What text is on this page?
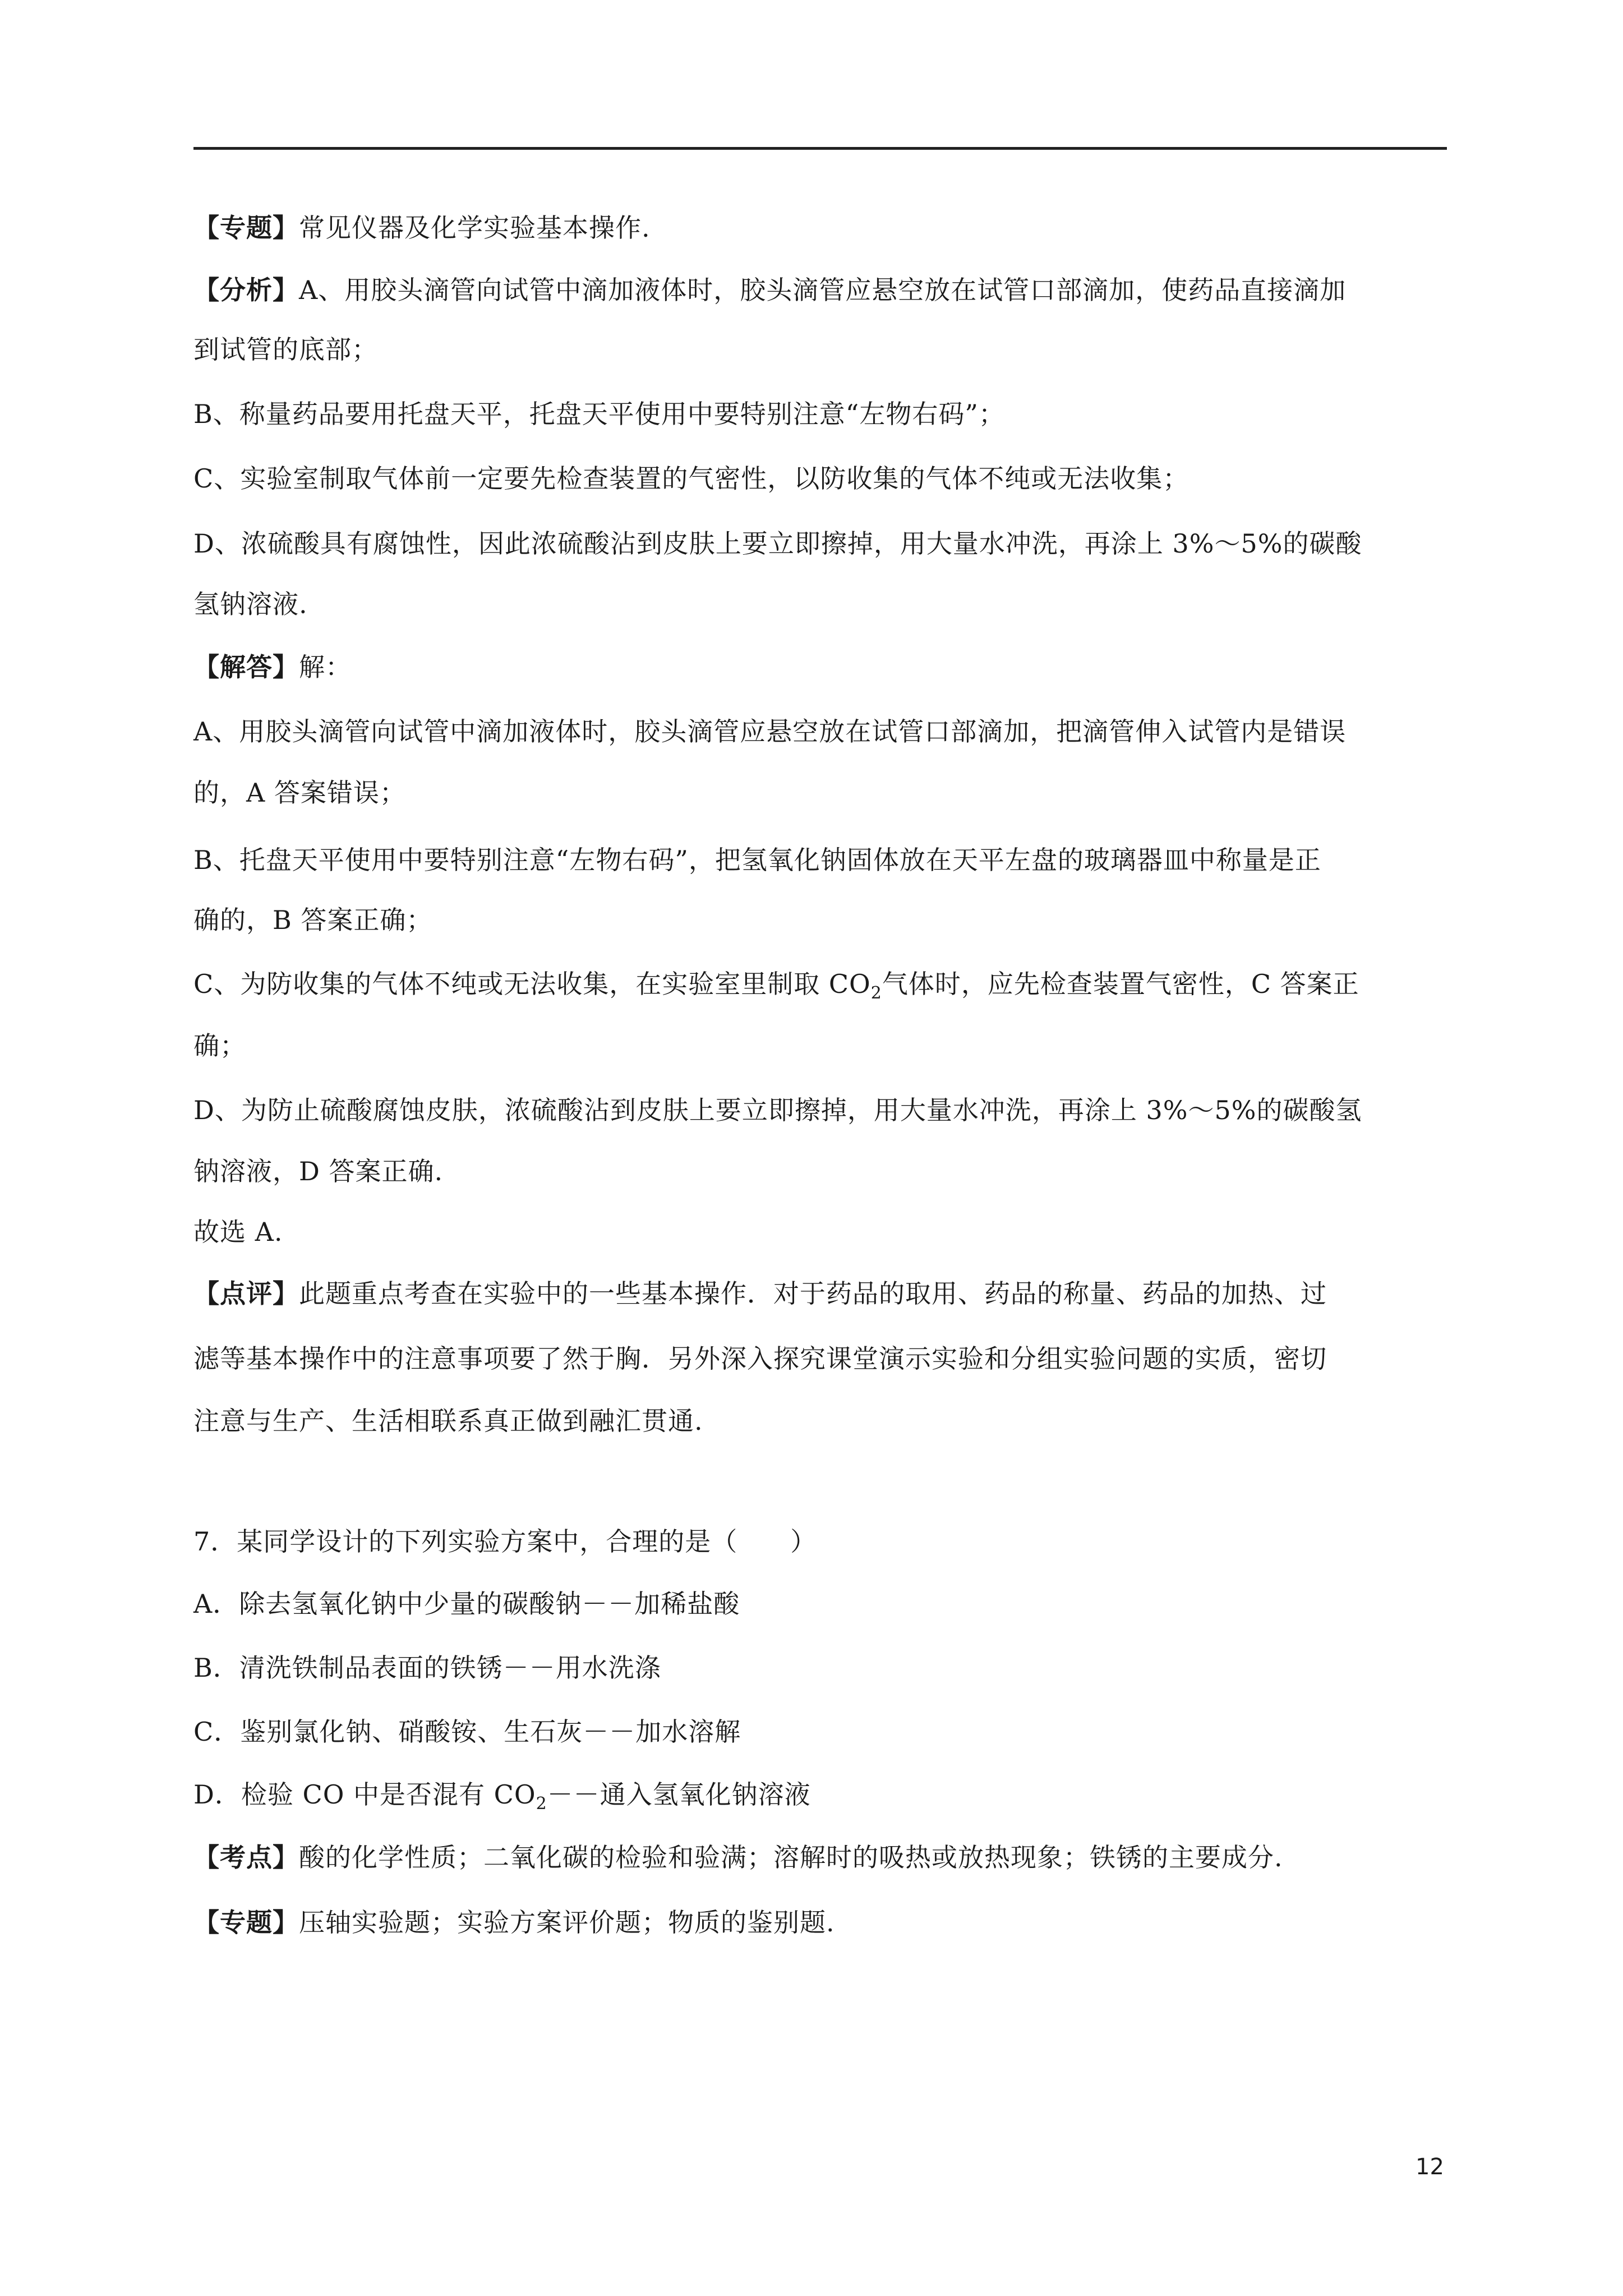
【专题】常见仪器及化学实验基本操作.
【分析】A、用胶头滴管向试管中滴加液体时，胶头滴管应悬空放在试管口部滴加，使药品直接滴加
到试管的底部；
B、称量药品要用托盘天平，托盘天平使用中要特别注意“左物右码”；
C、实验室制取气体前一定要先检查装置的气密性，以防收集的气体不纯或无法收集；
D、浓硫酸具有腐蚀性，因此浓硫酸沾到皮肤上要立即擦掉，用大量水冲洗，再涂上 3%～5%的碳酸
氢钠溶液.
【解答】解：
A、用胶头滴管向试管中滴加液体时，胶头滴管应悬空放在试管口部滴加，把滴管伸入试管内是错误
的，A 答案错误；
B、托盘天平使用中要特别注意“左物右码”，把氢氧化钠固体放在天平左盘的玻璃器皿中称量是正
确的，B 答案正确；
C、为防收集的气体不纯或无法收集，在实验室里制取 $CO_2$气体时，应先检查装置气密性，C 答案正
确；
D、为防止硫酸腐蚀皮肤，浓硫酸沾到皮肤上要立即擦掉，用大量水冲洗，再涂上 3%～5%的碳酸氢
钠溶液，D 答案正确.
故选 A.
【点评】此题重点考查在实验中的一些基本操作．对于药品的取用、药品的称量、药品的加热、过
滤等基本操作中的注意事项要了然于胸．另外深入探究课堂演示实验和分组实验问题的实质，密切
注意与生产、生活相联系真正做到融汇贯通.
7．某同学设计的下列实验方案中，合理的是（　　）
A．除去氢氧化钠中少量的碳酸钠－－加稀盐酸
B．清洗铁制品表面的铁锈－－用水洗涤
C．鉴别氯化钠、硝酸铵、生石灰－－加水溶解
D．检验 CO 中是否混有 $CO_2--$通入氢氧化钠溶液
【考点】酸的化学性质；二氧化碳的检验和验满；溶解时的吸热或放热现象；铁锈的主要成分.
【专题】压轴实验题；实验方案评价题；物质的鉴别题.
12
